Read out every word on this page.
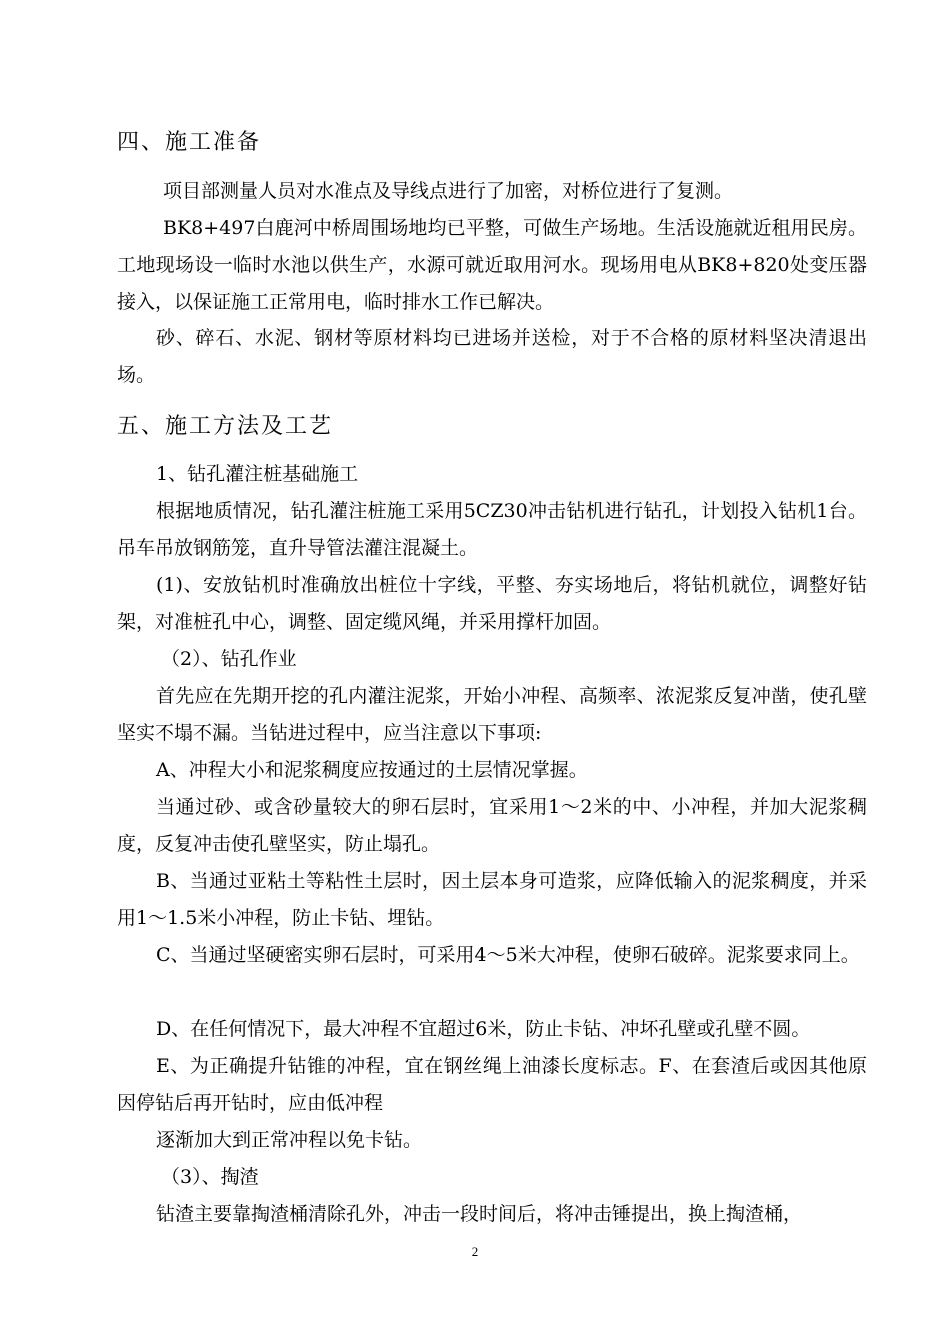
四、施工准备

项目部测量人员对水准点及导线点进行了加密，对桥位进行了复测。

BK8+497白鹿河中桥周围场地均已平整，可做生产场地。生活设施就近租用民房。工地现场设一临时水池以供生产，水源可就近取用河水。现场用电从BK8+820处变压器接入，以保证施工正常用电，临时排水工作已解决。

砂、碎石、水泥、钢材等原材料均已进场并送检，对于不合格的原材料坚决清退出场。

五、施工方法及工艺

1、钻孔灌注桩基础施工

根据地质情况，钻孔灌注桩施工采用5CZ30冲击钻机进行钻孔，计划投入钻机1台。吊车吊放钢筋笼，直升导管法灌注混凝土。

(1)、安放钻机时准确放出桩位十字线，平整、夯实场地后，将钻机就位，调整好钻架，对准桩孔中心，调整、固定缆风绳，并采用撑杆加固。

（2）、钻孔作业

首先应在先期开挖的孔内灌注泥浆，开始小冲程、高频率、浓泥浆反复冲凿，使孔壁坚实不塌不漏。当钻进过程中，应当注意以下事项:

A、冲程大小和泥浆稠度应按通过的土层情况掌握。

当通过砂、或含砂量较大的卵石层时，宜采用1～2米的中、小冲程，并加大泥浆稠度，反复冲击使孔壁坚实，防止塌孔。

B、当通过亚粘土等粘性土层时，因土层本身可造浆，应降低输入的泥浆稠度，并采用1～1.5米小冲程，防止卡钻、埋钻。

C、当通过坚硬密实卵石层时，可采用4～5米大冲程，使卵石破碎。泥浆要求同上。

D、在任何情况下，最大冲程不宜超过6米，防止卡钻、冲坏孔壁或孔壁不圆。

E、为正确提升钻锥的冲程，宜在钢丝绳上油漆长度标志。F、在套渣后或因其他原因停钻后再开钻时，应由低冲程

逐渐加大到正常冲程以免卡钻。

（3）、掏渣

钻渣主要靠掏渣桶清除孔外，冲击一段时间后，将冲击锤提出，换上掏渣桶，

2
